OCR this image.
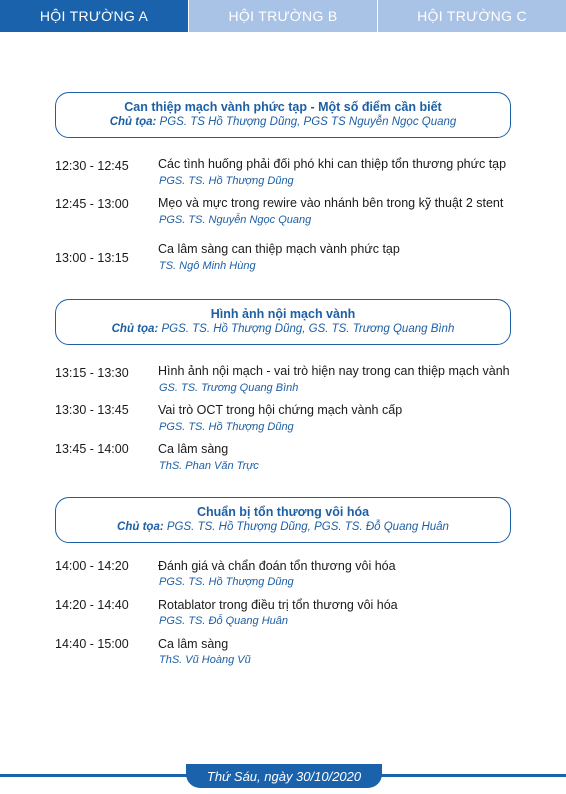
HỘI TRƯỜNG A	HỘI TRƯỜNG B	HỘI TRƯỜNG C
Can thiệp mạch vành phức tạp - Một số điểm cần biết
Chủ tọa: PGS. TS Hồ Thượng Dũng, PGS TS Nguyễn Ngọc Quang
12:30 - 12:45 Các tình huống phải đối phó khi can thiệp tổn thương phức tạp
PGS. TS. Hồ Thượng Dũng
12:45 - 13:00 Mẹo và mực trong rewire vào nhánh bên trong kỹ thuật 2 stent
PGS. TS. Nguyễn Ngọc Quang
13:00 - 13:15
Ca lâm sàng can thiệp mạch vành phức tạp
TS. Ngô Minh Hùng
Hình ảnh nội mạch vành
Chủ tọa: PGS. TS. Hồ Thượng Dũng, GS. TS. Trương Quang Bình
13:15 - 13:30 Hình ảnh nội mạch - vai trò hiện nay trong can thiệp mạch vành
GS. TS. Trương Quang Bình
13:30 - 13:45 Vai trò OCT trong hội chứng mạch vành cấp
PGS. TS. Hồ Thượng Dũng
13:45 - 14:00 Ca lâm sàng
ThS. Phan Văn Trực
Chuẩn bị tổn thương vôi hóa
Chủ tọa: PGS. TS. Hồ Thượng Dũng, PGS. TS. Đỗ Quang Huân
14:00 - 14:20 Đánh giá và chẩn đoán tổn thương vôi hóa
PGS. TS. Hồ Thượng Dũng
14:20 - 14:40 Rotablator trong điều trị tổn thương vôi hóa
PGS. TS. Đỗ Quang Huân
14:40 - 15:00 Ca lâm sàng
ThS. Vũ Hoàng Vũ
Thứ Sáu, ngày 30/10/2020
